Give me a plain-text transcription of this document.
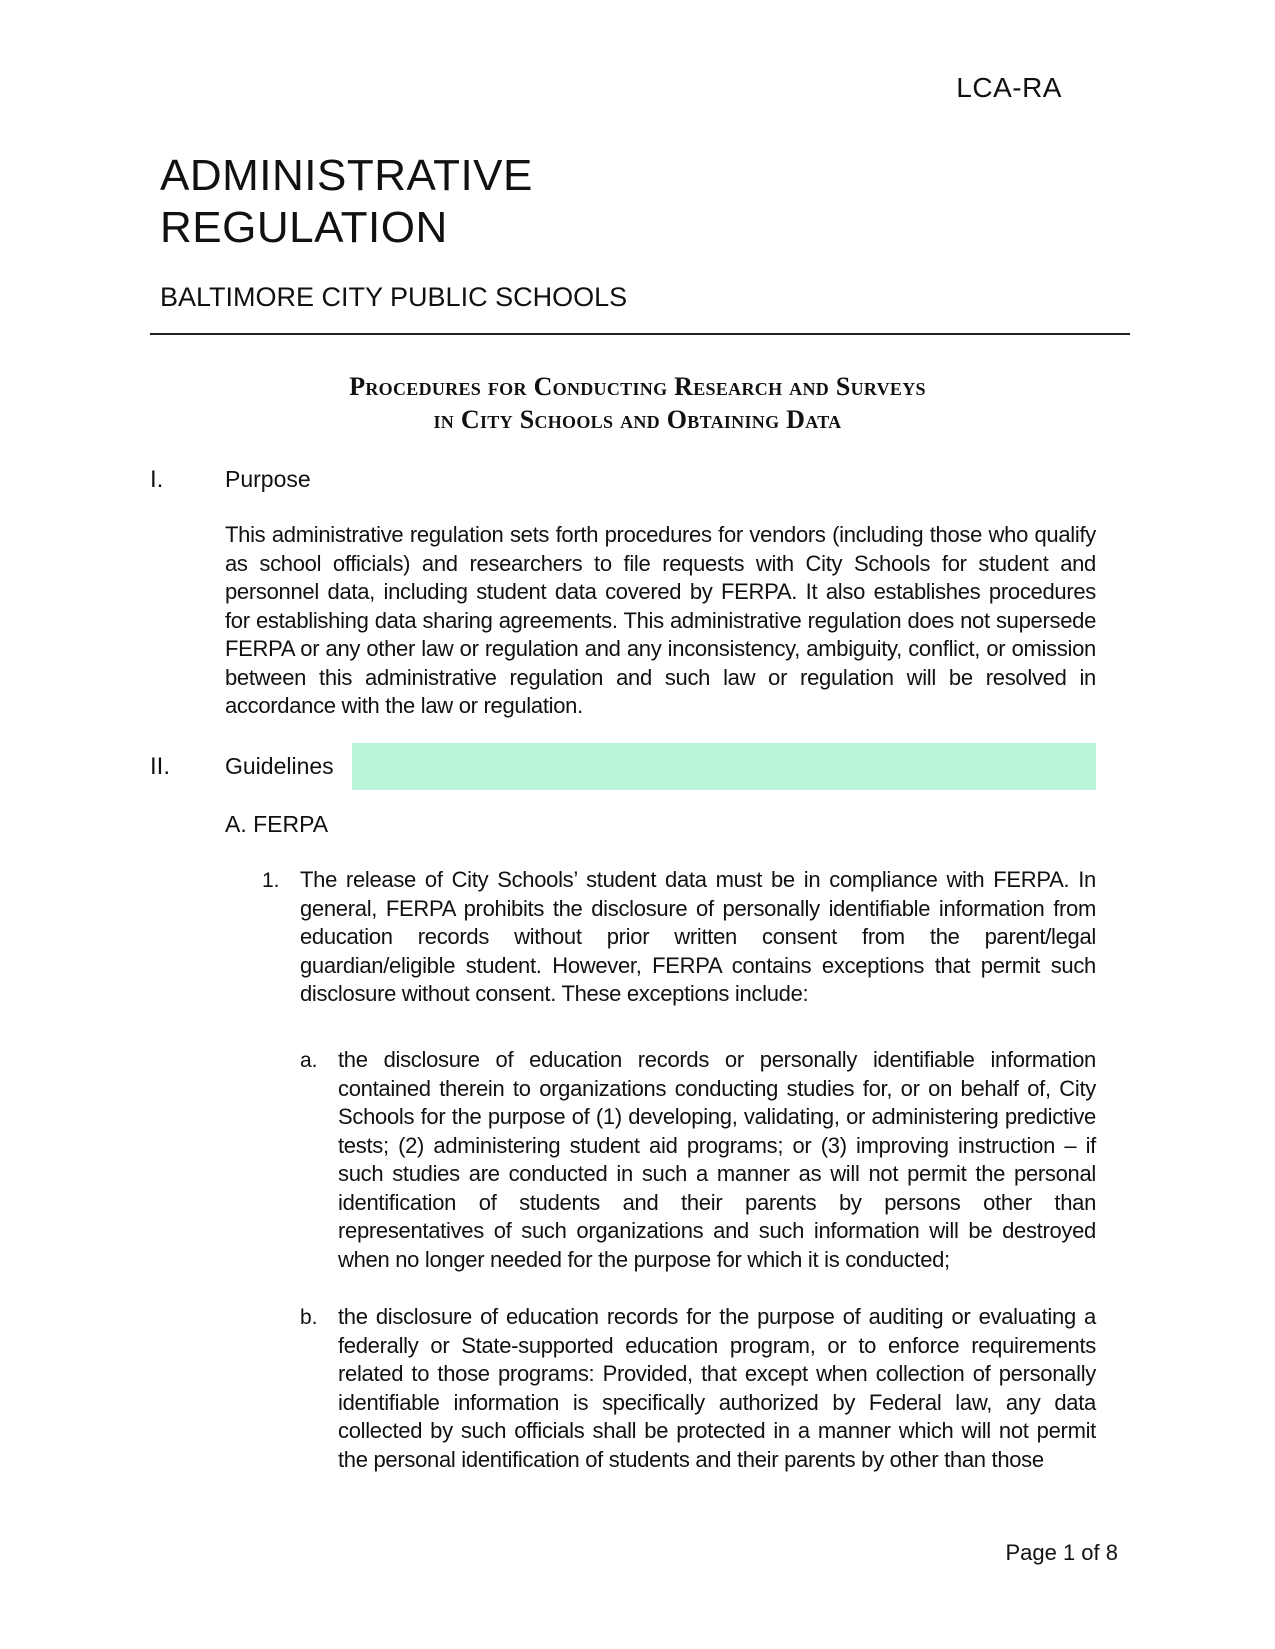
LCA-RA
ADMINISTRATIVE
REGULATION
BALTIMORE CITY PUBLIC SCHOOLS
Procedures for Conducting Research and Surveys
in City Schools and Obtaining Data
I.	Purpose
This administrative regulation sets forth procedures for vendors (including those who qualify as school officials) and researchers to file requests with City Schools for student and personnel data, including student data covered by FERPA. It also establishes procedures for establishing data sharing agreements. This administrative regulation does not supersede FERPA or any other law or regulation and any inconsistency, ambiguity, conflict, or omission between this administrative regulation and such law or regulation will be resolved in accordance with the law or regulation.
II. Guidelines
A. FERPA
1. The release of City Schools’ student data must be in compliance with FERPA. In general, FERPA prohibits the disclosure of personally identifiable information from education records without prior written consent from the parent/legal guardian/eligible student. However, FERPA contains exceptions that permit such disclosure without consent. These exceptions include:
a. the disclosure of education records or personally identifiable information contained therein to organizations conducting studies for, or on behalf of, City Schools for the purpose of (1) developing, validating, or administering predictive tests; (2) administering student aid programs; or (3) improving instruction – if such studies are conducted in such a manner as will not permit the personal identification of students and their parents by persons other than representatives of such organizations and such information will be destroyed when no longer needed for the purpose for which it is conducted;
b. the disclosure of education records for the purpose of auditing or evaluating a federally or State-supported education program, or to enforce requirements related to those programs: Provided, that except when collection of personally identifiable information is specifically authorized by Federal law, any data collected by such officials shall be protected in a manner which will not permit the personal identification of students and their parents by other than those
Page 1 of 8
